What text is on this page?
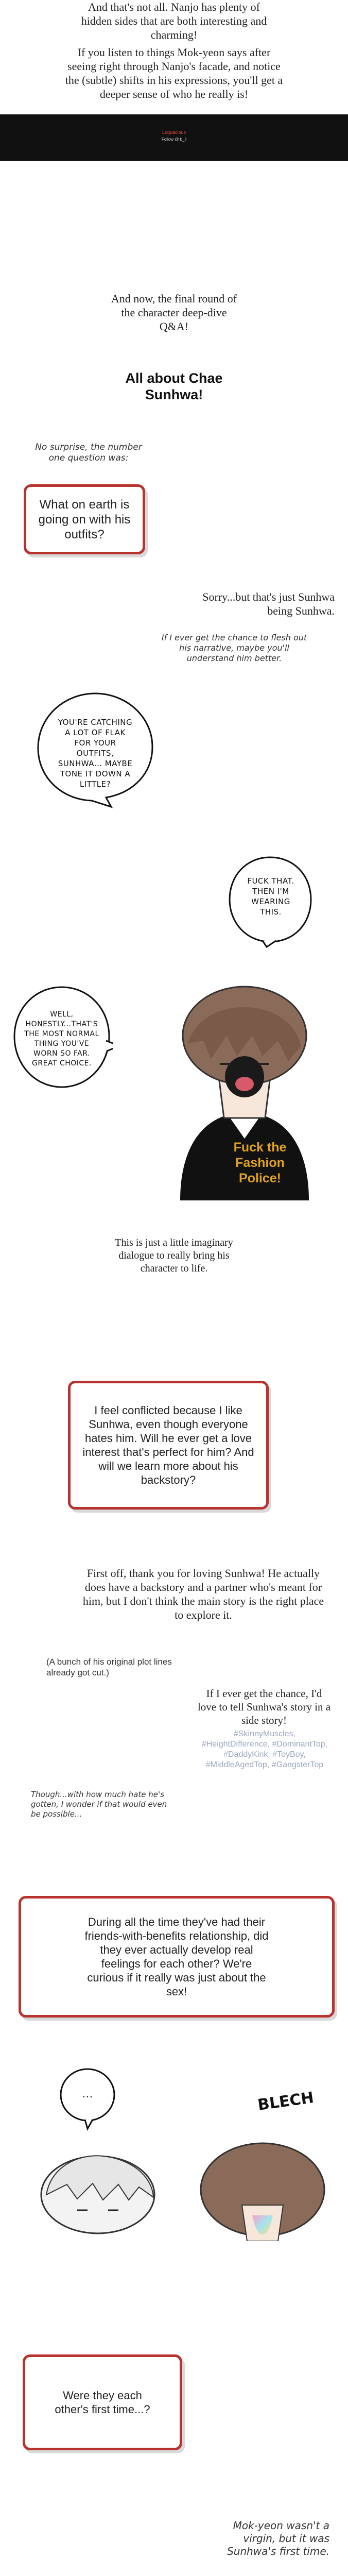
And that's not all. Nanjo has plenty of hidden sides that are both interesting and charming!
If you listen to things Mok-yeon says after seeing right through Nanjo's facade, and notice the (subtle) shifts in his expressions, you'll get a deeper sense of who he really is!
Loquacious
Follow @ b_ll
And now, the final round of the character deep-dive Q&A!
All about Chae Sunhwa!
No surprise, the number one question was:
What on earth is going on with his outfits?
Sorry...but that's just Sunhwa being Sunhwa.
If I ever get the chance to flesh out his narrative, maybe you'll understand him better.
YOU'RE CATCHING A LOT OF FLAK FOR YOUR OUTFITS, SUNHWA... MAYBE TONE IT DOWN A LITTLE?
FUCK THAT. THEN I'M WEARING THIS.
WELL, HONESTLY...THAT'S THE MOST NORMAL THING YOU'VE WORN SO FAR. GREAT CHOICE.
Fuck the Fashion Police!
This is just a little imaginary dialogue to really bring his character to life.
I feel conflicted because I like Sunhwa, even though everyone hates him. Will he ever get a love interest that's perfect for him? And will we learn more about his backstory?
First off, thank you for loving Sunhwa! He actually does have a backstory and a partner who's meant for him, but I don't think the main story is the right place to explore it.
(A bunch of his original plot lines already got cut.)
If I ever get the chance, I'd love to tell Sunhwa's story in a side story!
#SkinnyMuscles, #HeightDifference, #DominantTop, #DaddyKink, #ToyBoy, #MiddleAgedTop, #GangsterTop
Though...with how much hate he's gotten, I wonder if that would even be possible...
During all the time they've had their friends-with-benefits relationship, did they ever actually develop real feelings for each other? We're curious if it really was just about the sex!
...	BLECH
Were they each other's first time...?
Mok-yeon wasn't a virgin, but it was Sunhwa's first time.
